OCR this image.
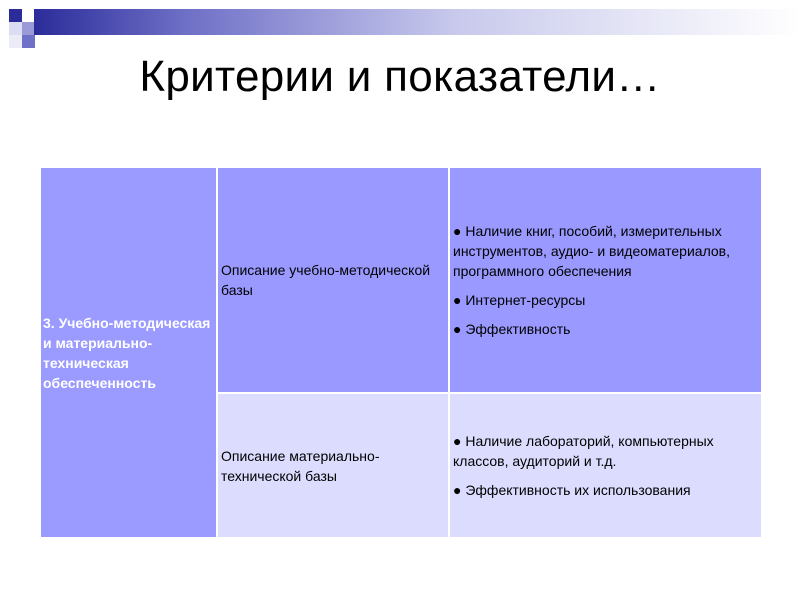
Критерии и показатели…
3. Учебно-методическая и материально-техническая обеспеченность	Описание учебно-методической базы	● Наличие книг, пособий, измерительных инструментов, аудио- и видеоматериалов, программного обеспечения

● Интернет-ресурсы

● Эффективность

	Описание материально-технической базы	● Наличие лабораторий, компьютерных классов, аудиторий и т.д.

● Эффективность их использования
